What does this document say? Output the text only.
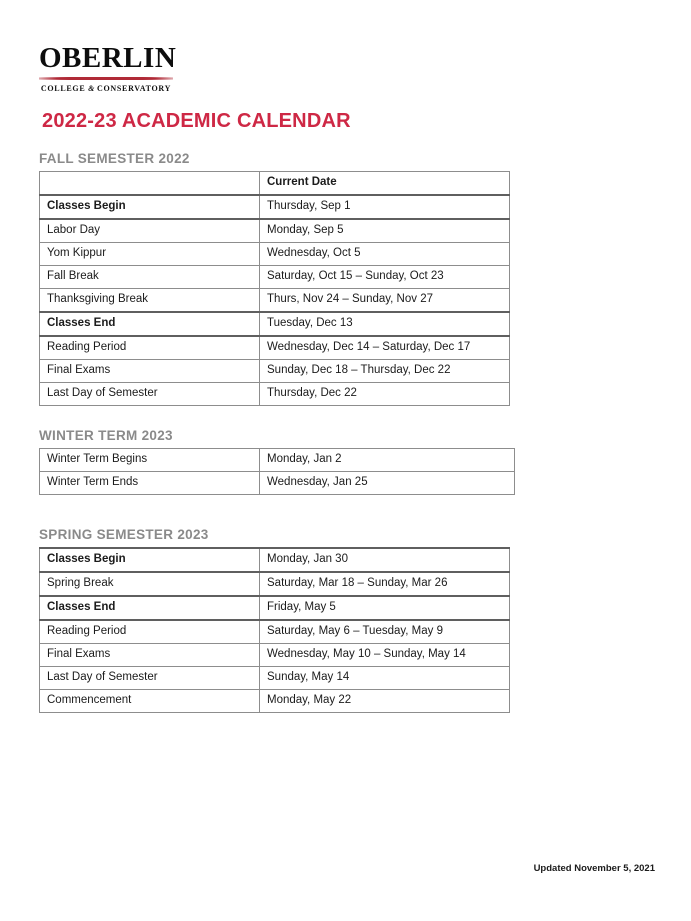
OBERLIN
COLLEGE & CONSERVATORY
2022-23 ACADEMIC CALENDAR
FALL SEMESTER 2022
	Current Date
Classes Begin	Thursday, Sep 1
Labor Day	Monday, Sep 5
Yom Kippur	Wednesday, Oct 5
Fall Break	Saturday, Oct 15 – Sunday, Oct 23
Thanksgiving Break	Thurs, Nov 24 – Sunday, Nov 27
Classes End	Tuesday, Dec 13
Reading Period	Wednesday, Dec 14 – Saturday, Dec 17
Final Exams	Sunday, Dec 18 – Thursday, Dec 22
Last Day of Semester	Thursday, Dec 22
WINTER TERM 2023
Winter Term Begins	Monday, Jan 2
Winter Term Ends	Wednesday, Jan 25
SPRING SEMESTER 2023
Classes Begin	Monday, Jan 30
Spring Break	Saturday, Mar 18 – Sunday, Mar 26
Classes End	Friday, May 5
Reading Period	Saturday, May 6 – Tuesday, May 9
Final Exams	Wednesday, May 10 – Sunday, May 14
Last Day of Semester	Sunday, May 14
Commencement	Monday, May 22
Updated November 5, 2021
